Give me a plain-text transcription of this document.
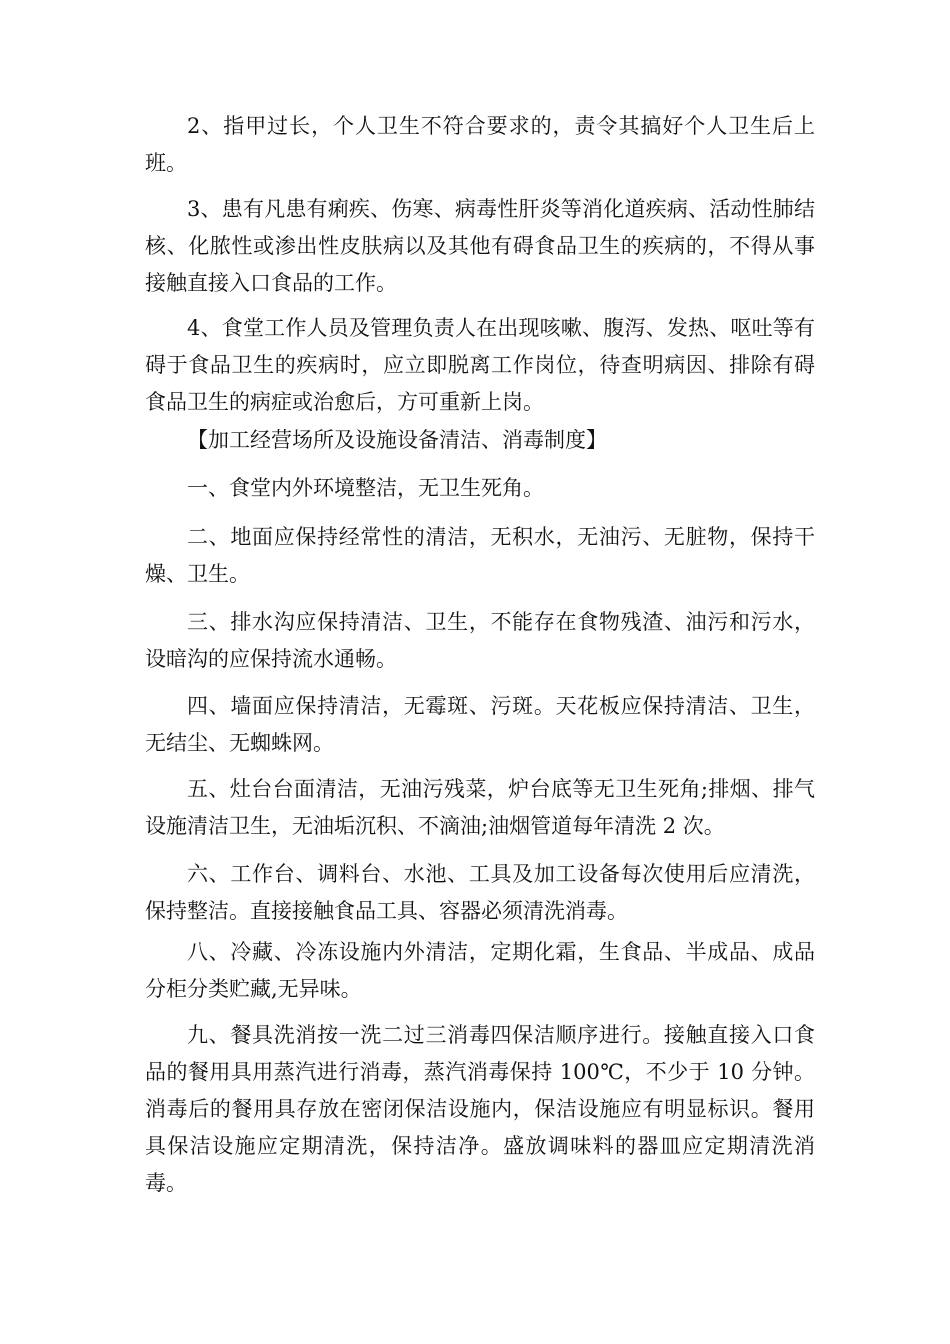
2、指甲过长，个人卫生不符合要求的，责令其搞好个人卫生后上班。

3、患有凡患有痢疾、伤寒、病毒性肝炎等消化道疾病、活动性肺结核、化脓性或渗出性皮肤病以及其他有碍食品卫生的疾病的，不得从事接触直接入口食品的工作。

4、食堂工作人员及管理负责人在出现咳嗽、腹泻、发热、呕吐等有碍于食品卫生的疾病时，应立即脱离工作岗位，待查明病因、排除有碍食品卫生的病症或治愈后，方可重新上岗。

【加工经营场所及设施设备清洁、消毒制度】

一、食堂内外环境整洁，无卫生死角。

二、地面应保持经常性的清洁，无积水，无油污、无脏物，保持干燥、卫生。

三、排水沟应保持清洁、卫生，不能存在食物残渣、油污和污水，设暗沟的应保持流水通畅。

四、墙面应保持清洁，无霉斑、污斑。天花板应保持清洁、卫生，无结尘、无蜘蛛网。

五、灶台台面清洁，无油污残菜，炉台底等无卫生死角;排烟、排气设施清洁卫生，无油垢沉积、不滴油;油烟管道每年清洗 2 次。

六、工作台、调料台、水池、工具及加工设备每次使用后应清洗，保持整洁。直接接触食品工具、容器必须清洗消毒。

八、冷藏、冷冻设施内外清洁，定期化霜，生食品、半成品、成品分柜分类贮藏,无异味。

九、餐具洗消按一洗二过三消毒四保洁顺序进行。接触直接入口食品的餐用具用蒸汽进行消毒，蒸汽消毒保持 100℃，不少于 10 分钟。消毒后的餐用具存放在密闭保洁设施内，保洁设施应有明显标识。餐用具保洁设施应定期清洗，保持洁净。盛放调味料的器皿应定期清洗消毒。
